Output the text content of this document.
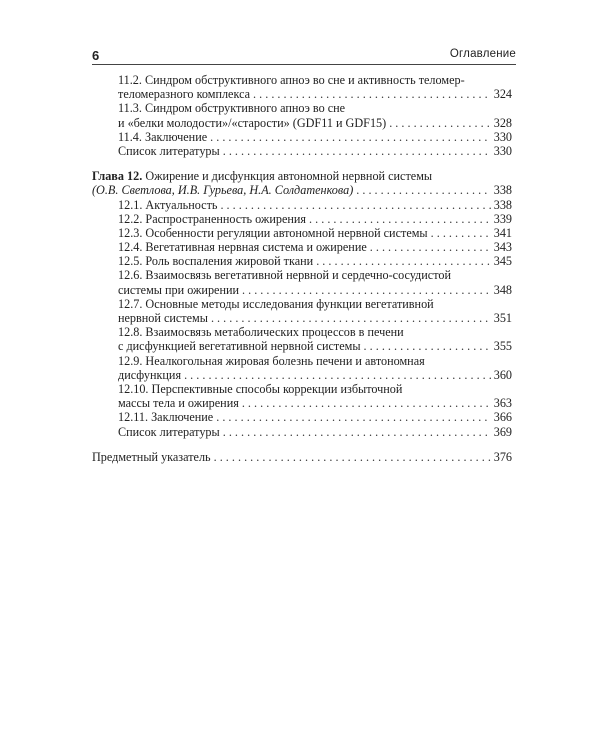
6	Оглавление
11.2. Синдром обструктивного апноэ во сне и активность теломер-
теломеразного комплекса . . .	324
11.3. Синдром обструктивного апноэ во сне
и «белки молодости»/«старости» (GDF11 и GDF15) . . .	328
11.4. Заключение . . .	330
Список литературы . . .	330
Глава 12. Ожирение и дисфункция автономной нервной системы
(О.В. Светлова, И.В. Гурьева, Н.А. Солдатенкова) . . .	338
12.1. Актуальность . . .	338
12.2. Распространенность ожирения . . .	339
12.3. Особенности регуляции автономной нервной системы . . .	341
12.4. Вегетативная нервная система и ожирение . . .	343
12.5. Роль воспаления жировой ткани . . .	345
12.6. Взаимосвязь вегетативной нервной и сердечно-сосудистой
системы при ожирении . . .	348
12.7. Основные методы исследования функции вегетативной
нервной системы . . .	351
12.8. Взаимосвязь метаболических процессов в печени
с дисфункцией вегетативной нервной системы . . .	355
12.9. Неалкогольная жировая болезнь печени и автономная
дисфункция . . .	360
12.10. Перспективные способы коррекции избыточной
массы тела и ожирения . . .	363
12.11. Заключение . . .	366
Список литературы . . .	369
Предметный указатель . . .	376
